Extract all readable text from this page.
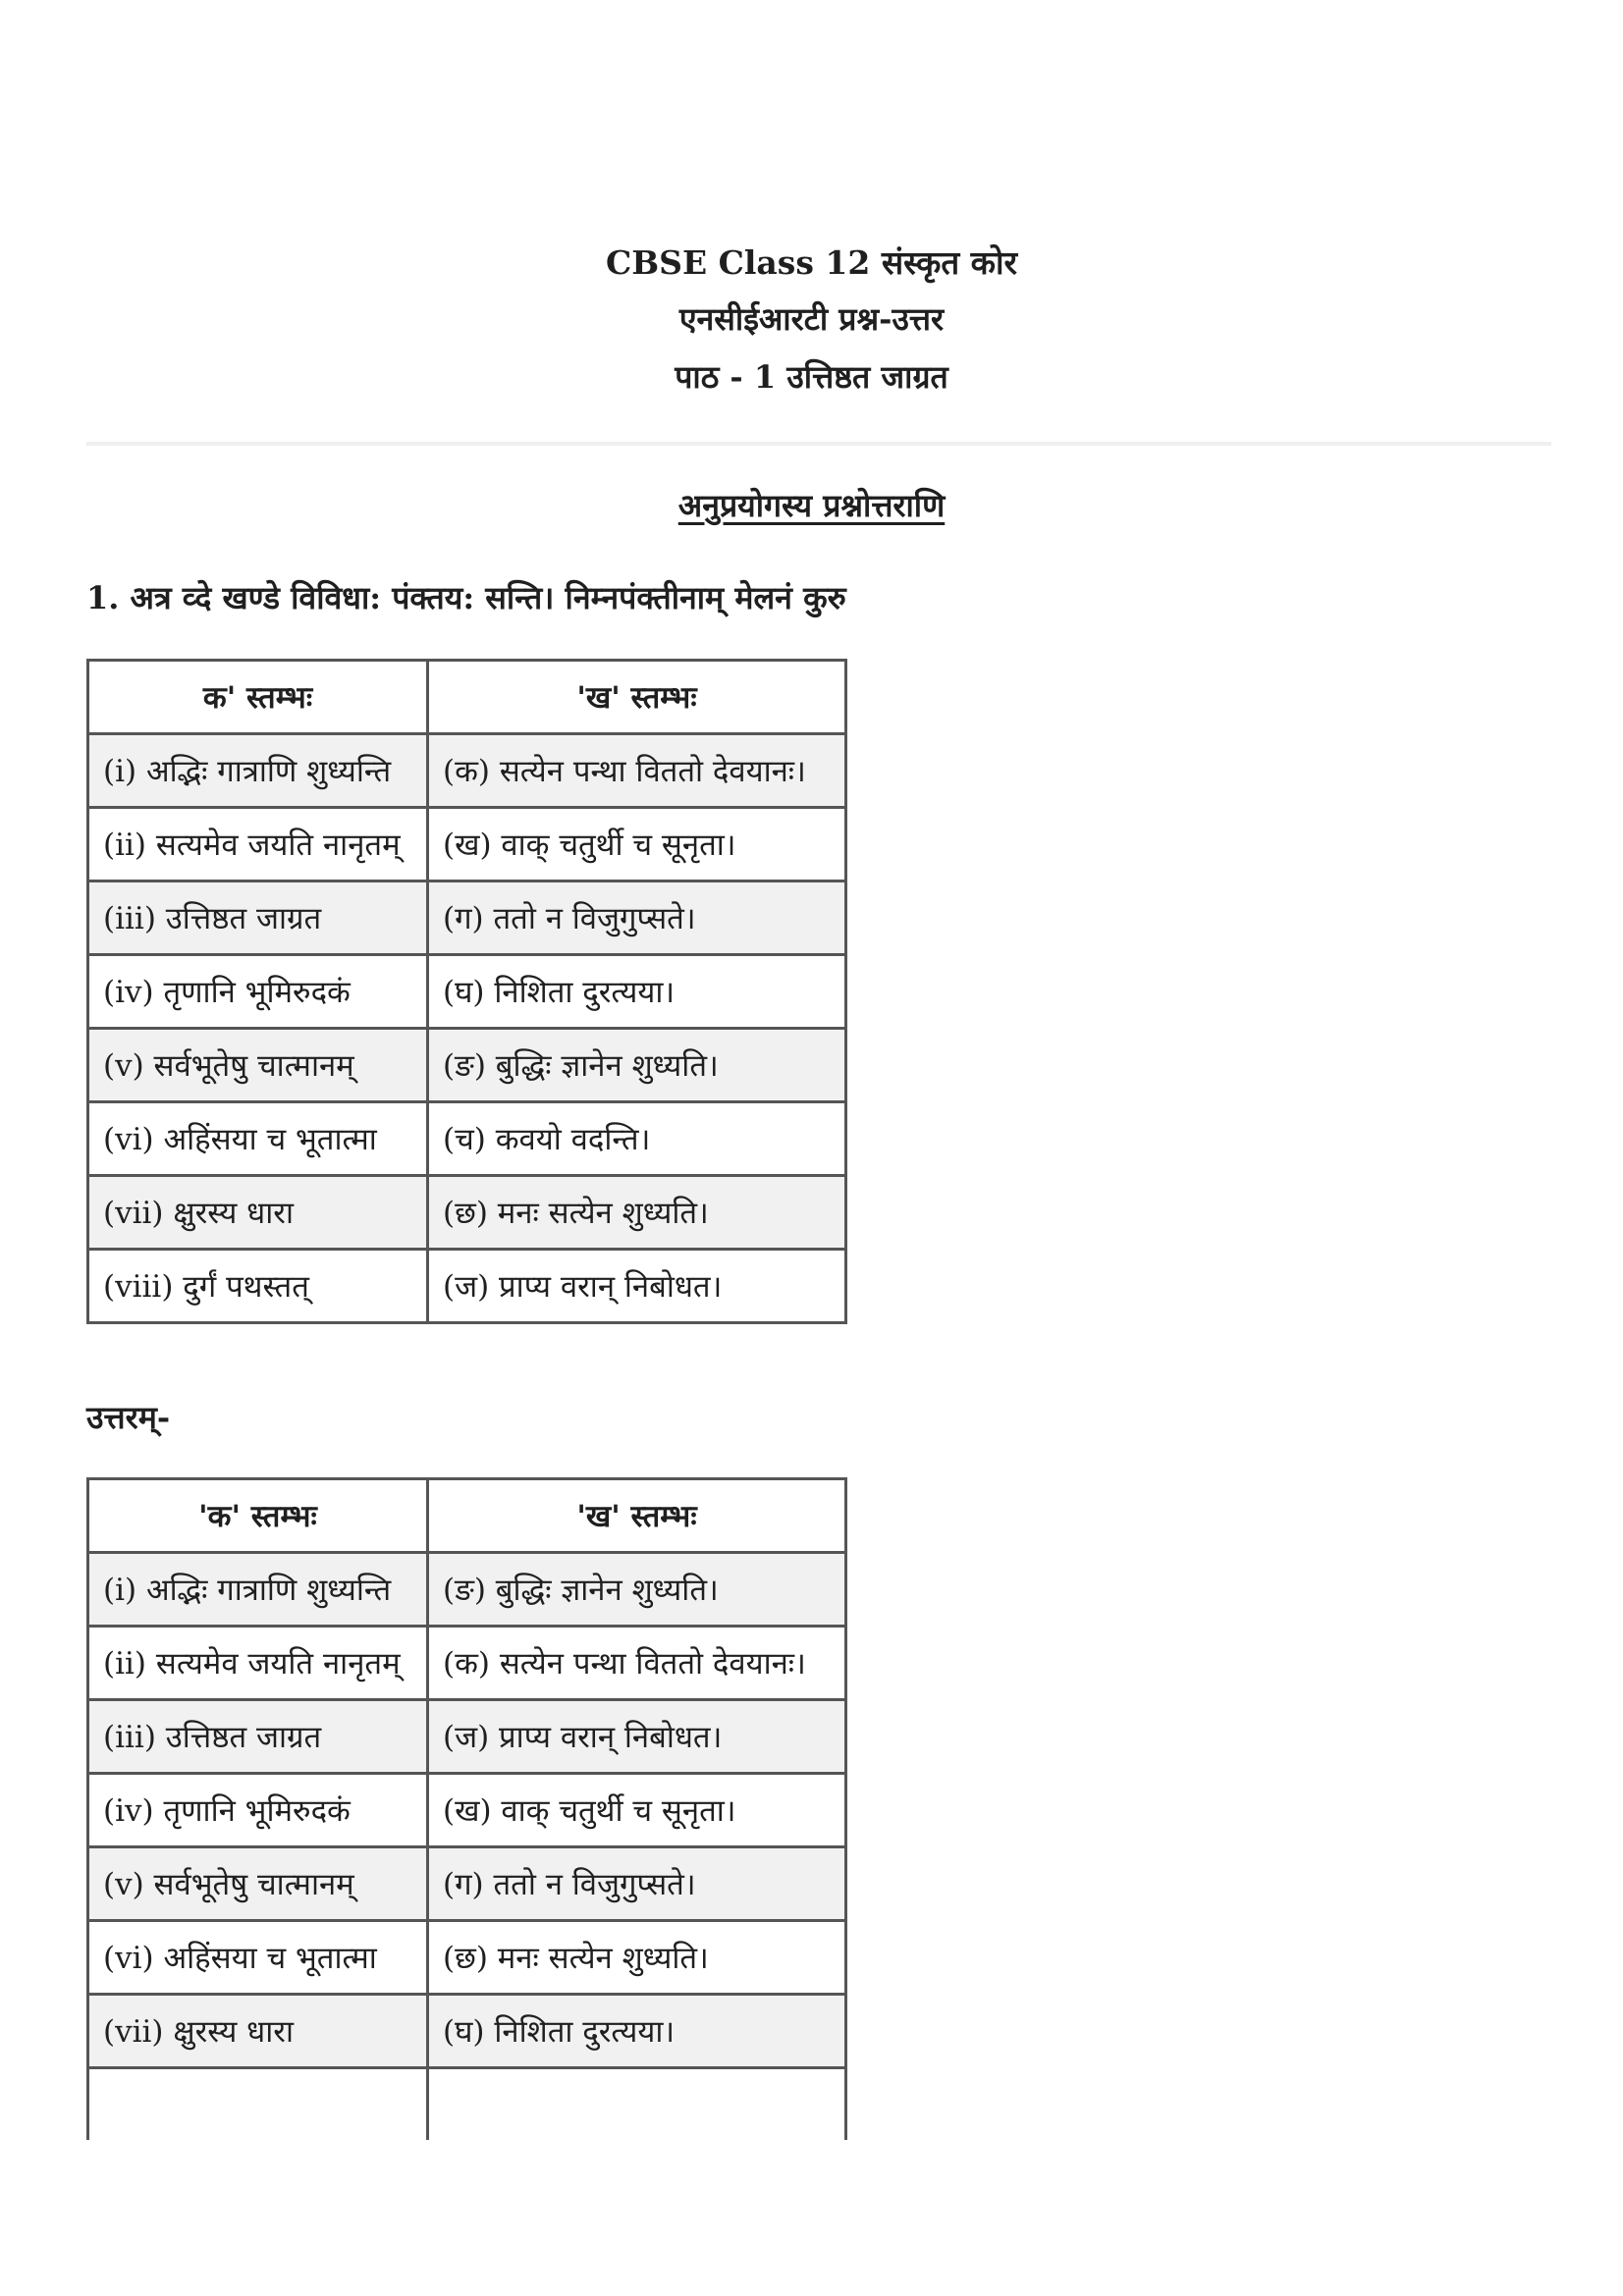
CBSE Class 12 संस्कृत कोर
एनसीईआरटी प्रश्न-उत्तर
पाठ - 1 उत्तिष्ठत जाग्रत
अनुप्रयोगस्य प्रश्नोत्तराणि
1. अत्र व्दे खण्डे विविधा: पंक्तय: सन्ति। निम्नपंक्तीनाम् मेलनं कुरु
क' स्तम्भः	'ख' स्तम्भः
(i) अद्भिः गात्राणि शुध्यन्ति	(क) सत्येन पन्था विततो देवयानः।
(ii) सत्यमेव जयति नानृतम्	(ख) वाक् चतुर्थी च सूनृता।
(iii) उत्तिष्ठत जाग्रत	(ग) ततो न विजुगुप्सते।
(iv) तृणानि भूमिरुदकं	(घ) निशिता दुरत्यया।
(v) सर्वभूतेषु चात्मानम्	(ङ) बुद्धिः ज्ञानेन शुध्यति।
(vi) अहिंसया च भूतात्मा	(च) कवयो वदन्ति।
(vii) क्षुरस्य धारा	(छ) मनः सत्येन शुध्यति।
(viii) दुर्गं पथस्तत्	(ज) प्राप्य वरान् निबोधत।
उत्तरम्-
'क' स्तम्भः	'ख' स्तम्भः
(i) अद्भिः गात्राणि शुध्यन्ति	(ङ) बुद्धिः ज्ञानेन शुध्यति।
(ii) सत्यमेव जयति नानृतम्	(क) सत्येन पन्था विततो देवयानः।
(iii) उत्तिष्ठत जाग्रत	(ज) प्राप्य वरान् निबोधत।
(iv) तृणानि भूमिरुदकं	(ख) वाक् चतुर्थी च सूनृता।
(v) सर्वभूतेषु चात्मानम्	(ग) ततो न विजुगुप्सते।
(vi) अहिंसया च भूतात्मा	(छ) मनः सत्येन शुध्यति।
(vii) क्षुरस्य धारा	(घ) निशिता दुरत्यया।
